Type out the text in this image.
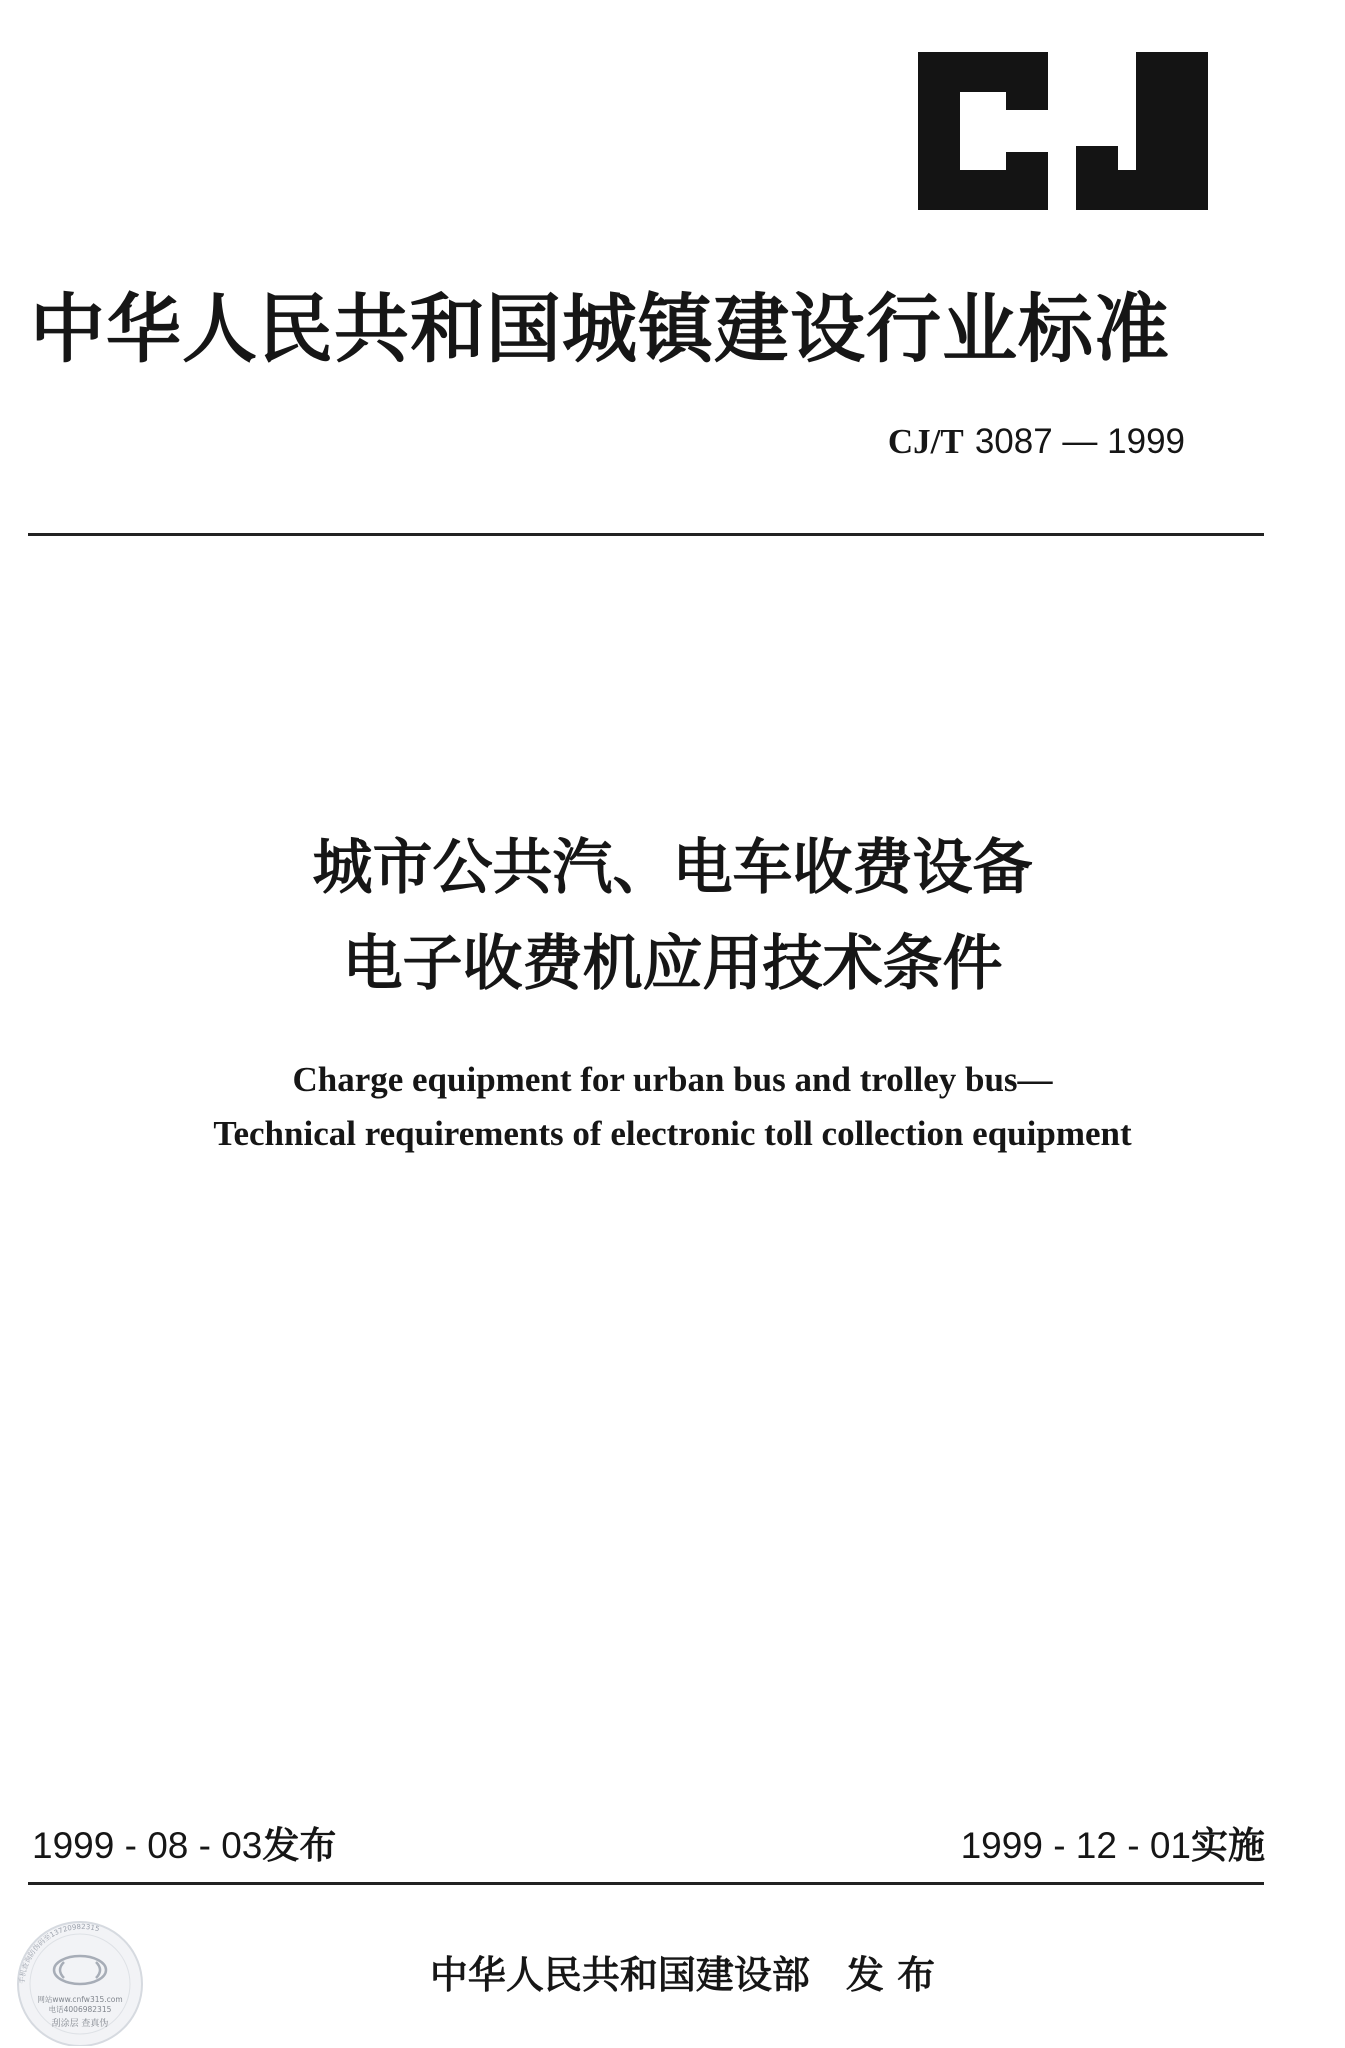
中华人民共和国城镇建设行业标准
CJ/T 3087 — 1999
城市公共汽、电车收费设备
电子收费机应用技术条件
Charge equipment for urban bus and trolley bus—
Technical requirements of electronic toll collection equipment
1999 - 08 - 03发布	1999 - 12 - 01实施
中华人民共和国建设部 发 布
手机查询防伪码至13720982315
网站www.cnfw315.com
电话4006982315
刮涂层 查真伪
